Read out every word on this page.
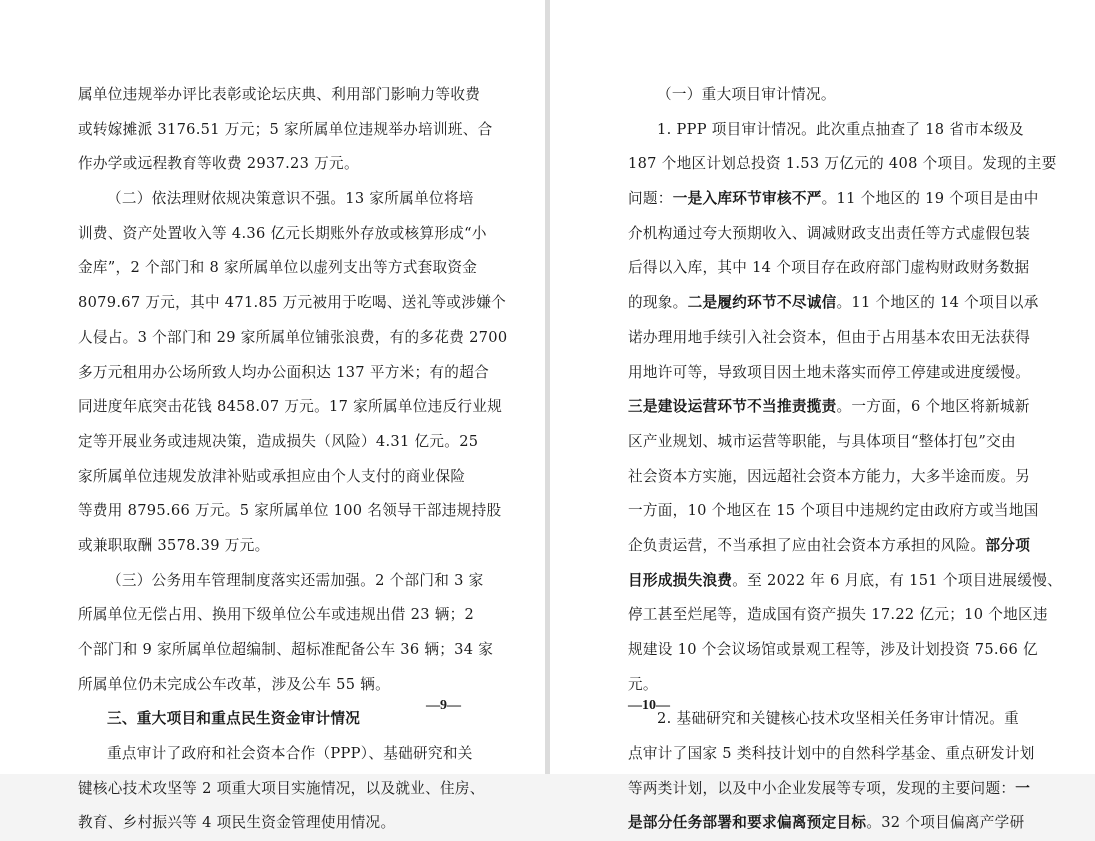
属单位违规举办评比表彰或论坛庆典、利用部门影响力等收费
或转嫁摊派 3176.51 万元；5 家所属单位违规举办培训班、合
作办学或远程教育等收费 2937.23 万元。
（二）依法理财依规决策意识不强。13 家所属单位将培
训费、资产处置收入等 4.36 亿元长期账外存放或核算形成“小
金库”，2 个部门和 8 家所属单位以虚列支出等方式套取资金
8079.67 万元，其中 471.85 万元被用于吃喝、送礼等或涉嫌个
人侵占。3 个部门和 29 家所属单位铺张浪费，有的多花费 2700
多万元租用办公场所致人均办公面积达 137 平方米；有的超合
同进度年底突击花钱 8458.07 万元。17 家所属单位违反行业规
定等开展业务或违规决策，造成损失（风险）4.31 亿元。25
家所属单位违规发放津补贴或承担应由个人支付的商业保险
等费用 8795.66 万元。5 家所属单位 100 名领导干部违规持股
或兼职取酬 3578.39 万元。
（三）公务用车管理制度落实还需加强。2 个部门和 3 家
所属单位无偿占用、换用下级单位公车或违规出借 23 辆；2
个部门和 9 家所属单位超编制、超标准配备公车 36 辆；34 家
所属单位仍未完成公车改革，涉及公车 55 辆。
三、重大项目和重点民生资金审计情况
重点审计了政府和社会资本合作（PPP）、基础研究和关
键核心技术攻坚等 2 项重大项目实施情况，以及就业、住房、
教育、乡村振兴等 4 项民生资金管理使用情况。
—9—
（一）重大项目审计情况。
1. PPP 项目审计情况。此次重点抽查了 18 省市本级及
187 个地区计划总投资 1.53 万亿元的 408 个项目。发现的主要
问题：一是入库环节审核不严。11 个地区的 19 个项目是由中
介机构通过夸大预期收入、调减财政支出责任等方式虚假包装
后得以入库，其中 14 个项目存在政府部门虚构财政财务数据
的现象。二是履约环节不尽诚信。11 个地区的 14 个项目以承
诺办理用地手续引入社会资本，但由于占用基本农田无法获得
用地许可等，导致项目因土地未落实而停工停建或进度缓慢。
三是建设运营环节不当推责揽责。一方面，6 个地区将新城新
区产业规划、城市运营等职能，与具体项目“整体打包”交由
社会资本方实施，因远超社会资本方能力，大多半途而废。另
一方面，10 个地区在 15 个项目中违规约定由政府方或当地国
企负责运营，不当承担了应由社会资本方承担的风险。部分项
目形成损失浪费。至 2022 年 6 月底，有 151 个项目进展缓慢、
停工甚至烂尾等，造成国有资产损失 17.22 亿元；10 个地区违
规建设 10 个会议场馆或景观工程等，涉及计划投资 75.66 亿
元。
2. 基础研究和关键核心技术攻坚相关任务审计情况。重
点审计了国家 5 类科技计划中的自然科学基金、重点研发计划
等两类计划，以及中小企业发展等专项，发现的主要问题：一
是部分任务部署和要求偏离预定目标。32 个项目偏离产学研
—10—
